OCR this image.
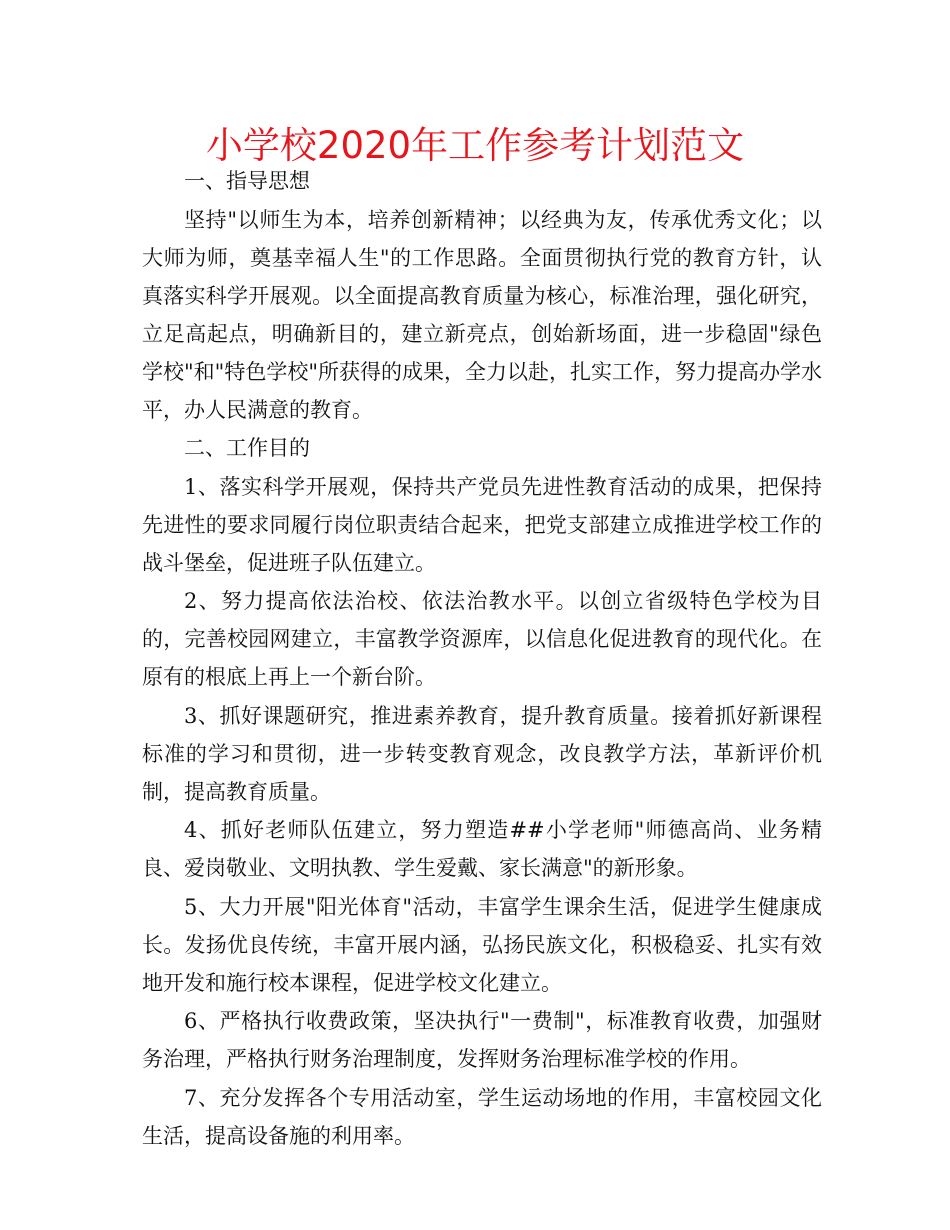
小学校2020年工作参考计划范文

一、指导思想

坚持"以师生为本，培养创新精神；以经典为友，传承优秀文化；以大师为师，奠基幸福人生"的工作思路。全面贯彻执行党的教育方针，认真落实科学开展观。以全面提高教育质量为核心，标准治理，强化研究，立足高起点，明确新目的，建立新亮点，创始新场面，进一步稳固"绿色学校"和"特色学校"所获得的成果，全力以赴，扎实工作，努力提高办学水平，办人民满意的教育。

二、工作目的

1、落实科学开展观，保持共产党员先进性教育活动的成果，把保持先进性的要求同履行岗位职责结合起来，把党支部建立成推进学校工作的战斗堡垒，促进班子队伍建立。

2、努力提高依法治校、依法治教水平。以创立省级特色学校为目的，完善校园网建立，丰富教学资源库，以信息化促进教育的现代化。在原有的根底上再上一个新台阶。

3、抓好课题研究，推进素养教育，提升教育质量。接着抓好新课程标准的学习和贯彻，进一步转变教育观念，改良教学方法，革新评价机制，提高教育质量。

4、抓好老师队伍建立，努力塑造##小学老师"师德高尚、业务精良、爱岗敬业、文明执教、学生爱戴、家长满意"的新形象。

5、大力开展"阳光体育"活动，丰富学生课余生活，促进学生健康成长。发扬优良传统，丰富开展内涵，弘扬民族文化，积极稳妥、扎实有效地开发和施行校本课程，促进学校文化建立。

6、严格执行收费政策，坚决执行"一费制"，标准教育收费，加强财务治理，严格执行财务治理制度，发挥财务治理标准学校的作用。

7、充分发挥各个专用活动室，学生运动场地的作用，丰富校园文化生活，提高设备施的利用率。
